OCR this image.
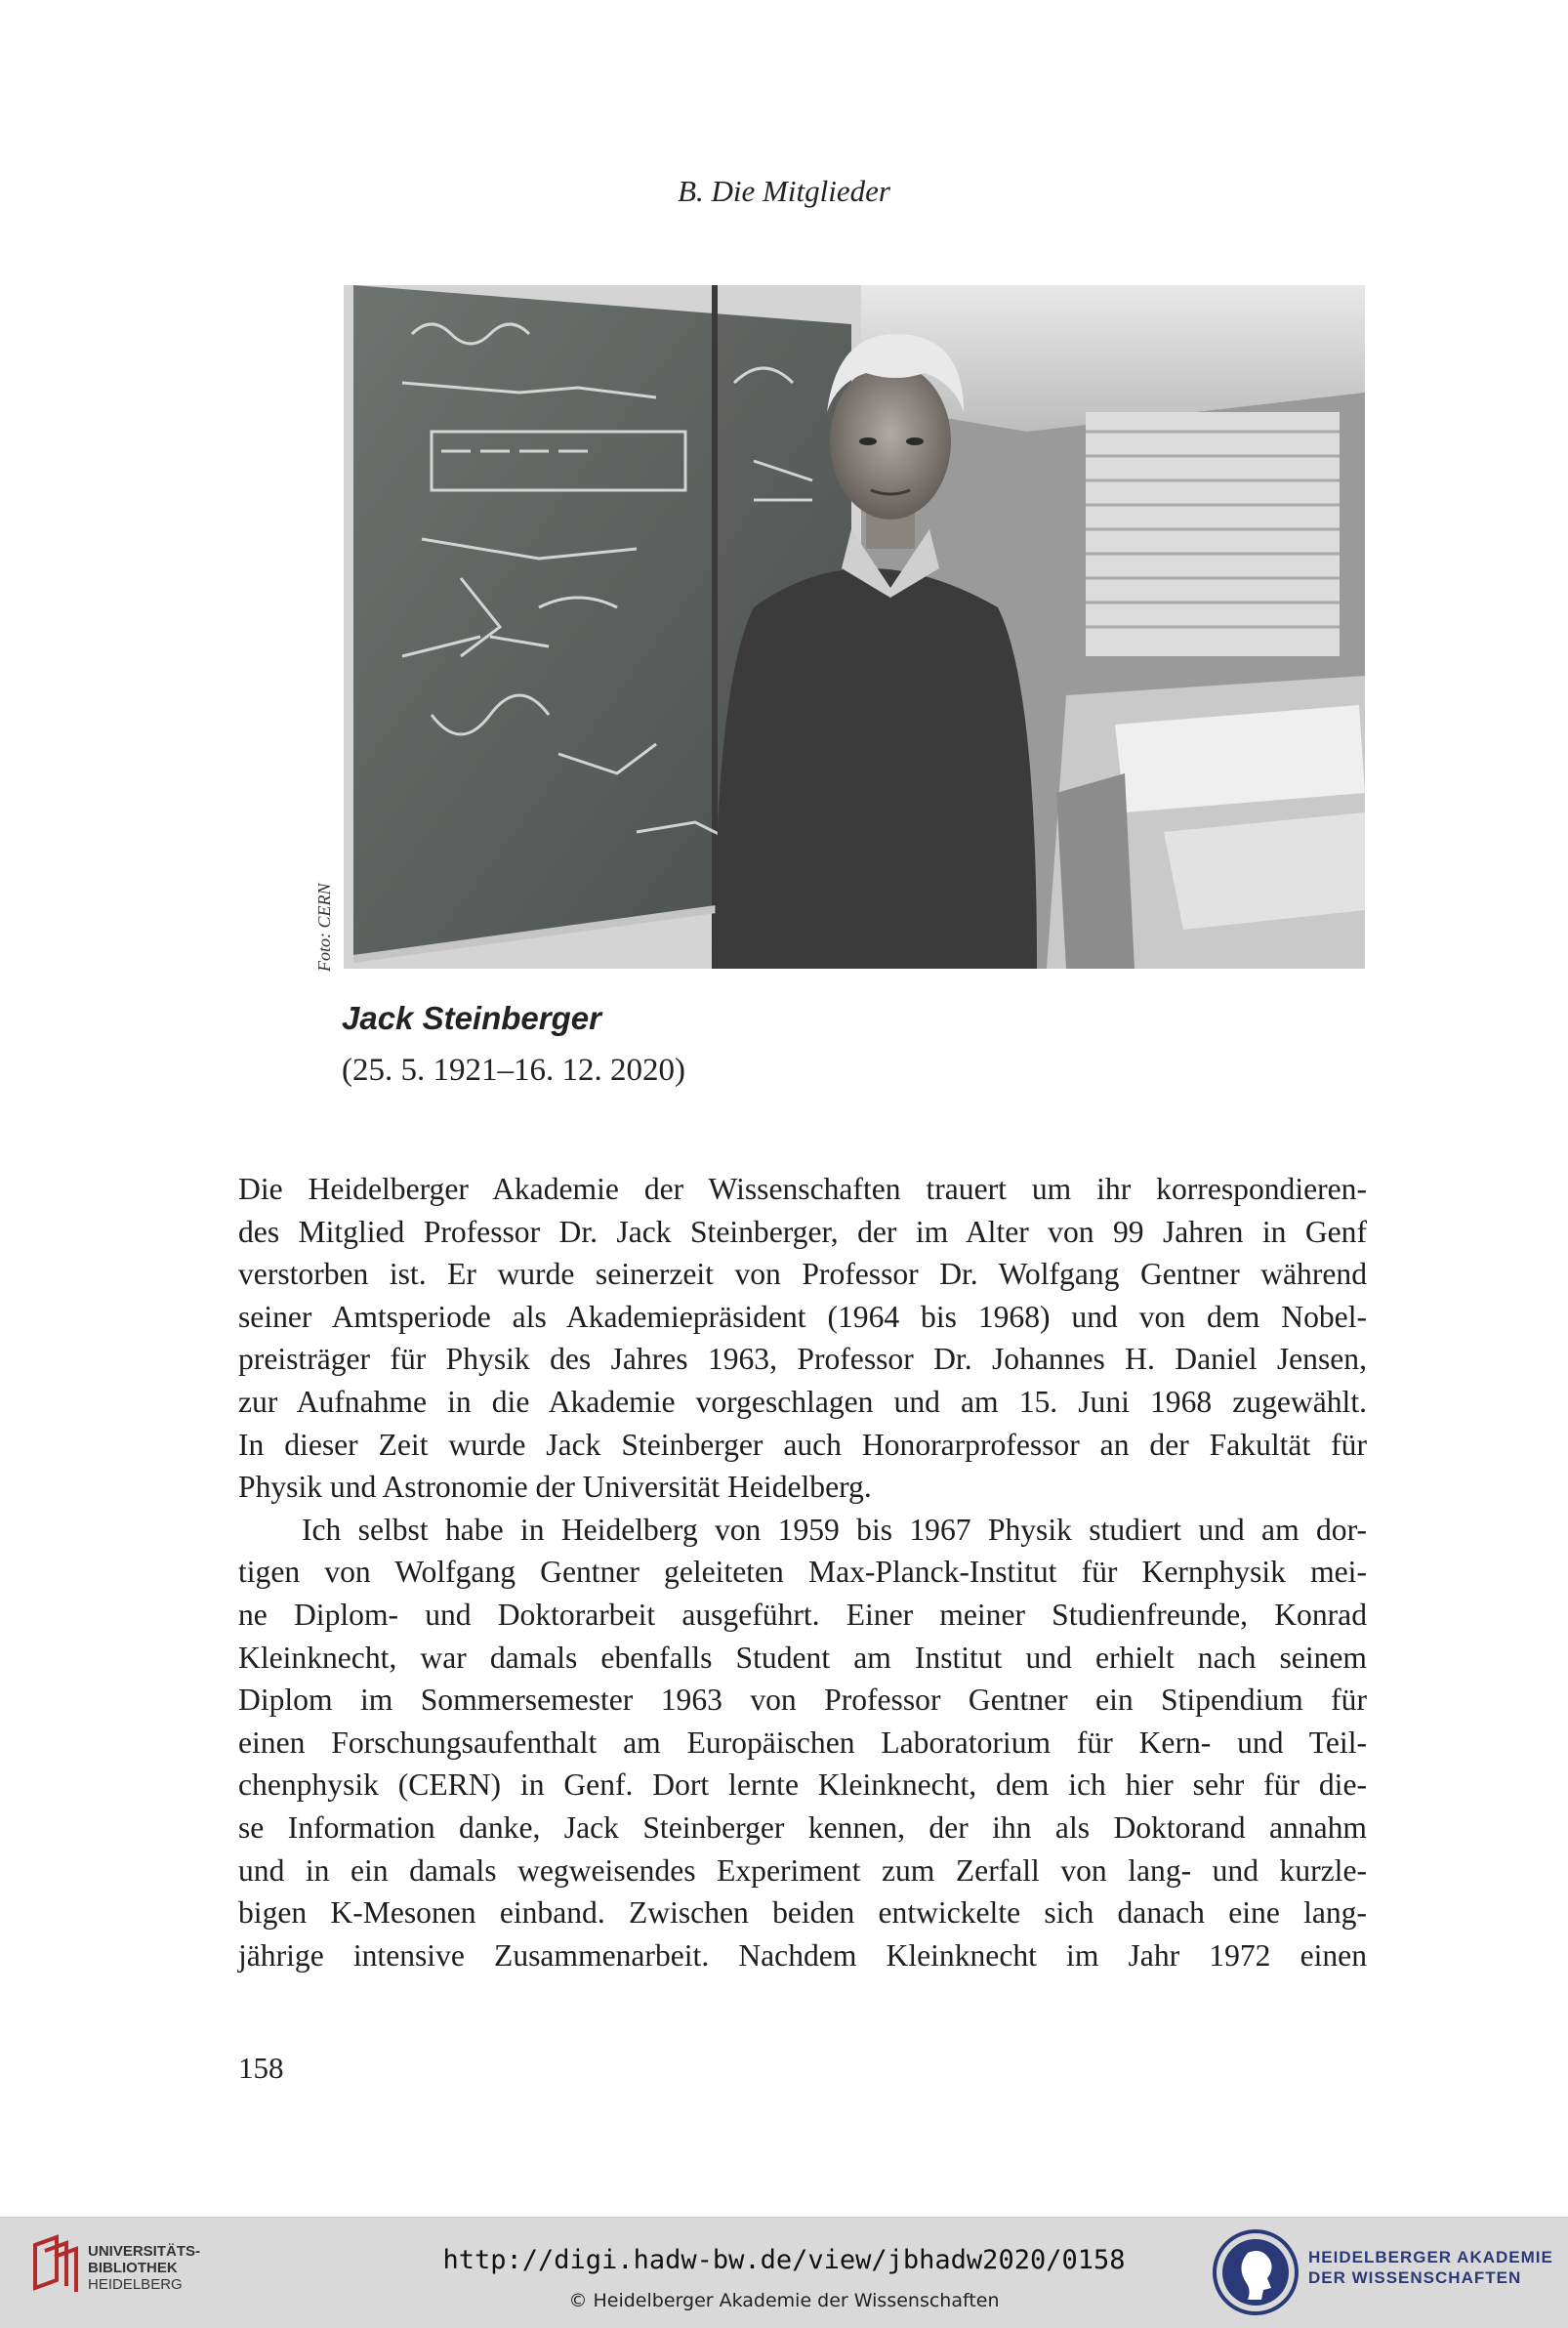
B. Die Mitglieder
Foto: CERN
Jack Steinberger
(25. 5. 1921–16. 12. 2020)

Die Heidelberger Akademie der Wissenschaften trauert um ihr korrespondieren-

des Mitglied Professor Dr. Jack Steinberger, der im Alter von 99 Jahren in Genf

verstorben ist. Er wurde seinerzeit von Professor Dr. Wolfgang Gentner während

seiner Amtsperiode als Akademiepräsident (1964 bis 1968) und von dem Nobel-

preisträger für Physik des Jahres 1963, Professor Dr. Johannes H. Daniel Jensen,

zur Aufnahme in die Akademie vorgeschlagen und am 15. Juni 1968 zugewählt.

In dieser Zeit wurde Jack Steinberger auch Honorarprofessor an der Fakultät für

Physik und Astronomie der Universität Heidelberg.

Ich selbst habe in Heidelberg von 1959 bis 1967 Physik studiert und am dor-

tigen von Wolfgang Gentner geleiteten Max-Planck-Institut für Kernphysik mei-

ne Diplom- und Doktorarbeit ausgeführt. Einer meiner Studienfreunde, Konrad

Kleinknecht, war damals ebenfalls Student am Institut und erhielt nach seinem

Diplom im Sommersemester 1963 von Professor Gentner ein Stipendium für

einen Forschungsaufenthalt am Europäischen Laboratorium für Kern- und Teil-

chenphysik (CERN) in Genf. Dort lernte Kleinknecht, dem ich hier sehr für die-

se Information danke, Jack Steinberger kennen, der ihn als Doktorand annahm

und in ein damals wegweisendes Experiment zum Zerfall von lang- und kurzle-

bigen K-Mesonen einband. Zwischen beiden entwickelte sich danach eine lang-

jährige intensive Zusammenarbeit. Nachdem Kleinknecht im Jahr 1972 einen

158
UNIVERSITÄTS-
BIBLIOTHEK
HEIDELBERG
http://digi.hadw-bw.de/view/jbhadw2020/0158
© Heidelberger Akademie der Wissenschaften
HEIDELBERGER AKADEMIE
DER WISSENSCHAFTEN
